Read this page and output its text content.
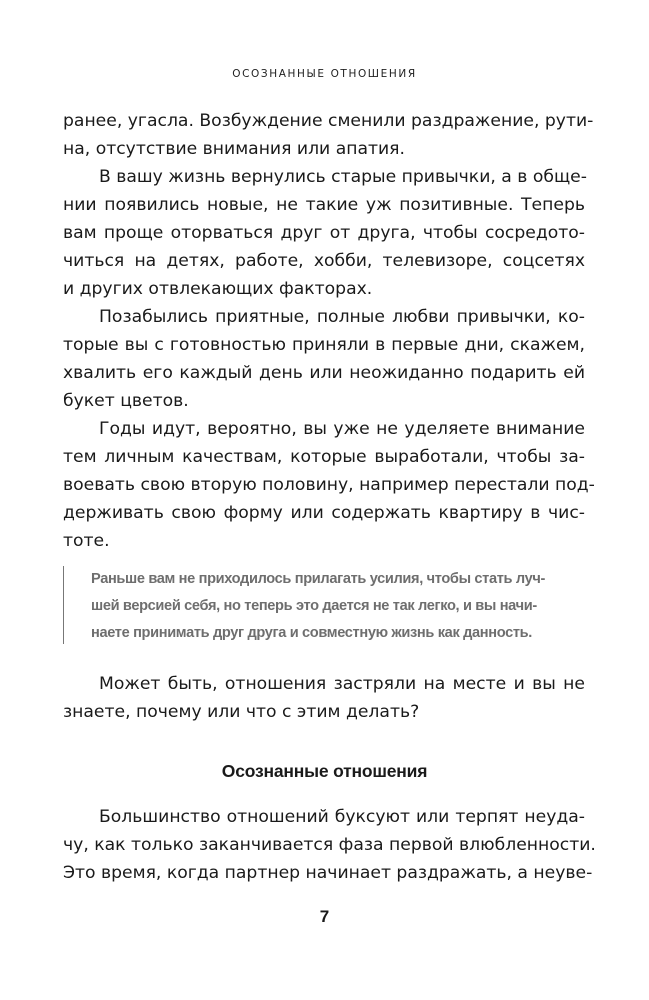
ОСОЗНАННЫЕ ОТНОШЕНИЯ
ранее, угасла. Возбуждение сменили раздражение, рути-
на, отсутствие внимания или апатия.
В вашу жизнь вернулись старые привычки, а в обще-
нии появились новые, не такие уж позитивные. Теперь
вам проще оторваться друг от друга, чтобы сосредото-
читься на детях, работе, хобби, телевизоре, соцсетях
и других отвлекающих факторах.
Позабылись приятные, полные любви привычки, ко-
торые вы с готовностью приняли в первые дни, скажем,
хвалить его каждый день или неожиданно подарить ей
букет цветов.
Годы идут, вероятно, вы уже не уделяете внимание
тем личным качествам, которые выработали, чтобы за-
воевать свою вторую половину, например перестали под-
держивать свою форму или содержать квартиру в чис-
тоте.
Раньше вам не приходилось прилагать усилия, чтобы стать луч-
шей версией себя, но теперь это дается не так легко, и вы начи-
наете принимать друг друга и совместную жизнь как данность.
Может быть, отношения застряли на месте и вы не
знаете, почему или что с этим делать?
Осознанные отношения
Большинство отношений буксуют или терпят неуда-
чу, как только заканчивается фаза первой влюбленности.
Это время, когда партнер начинает раздражать, а неуве-
7
